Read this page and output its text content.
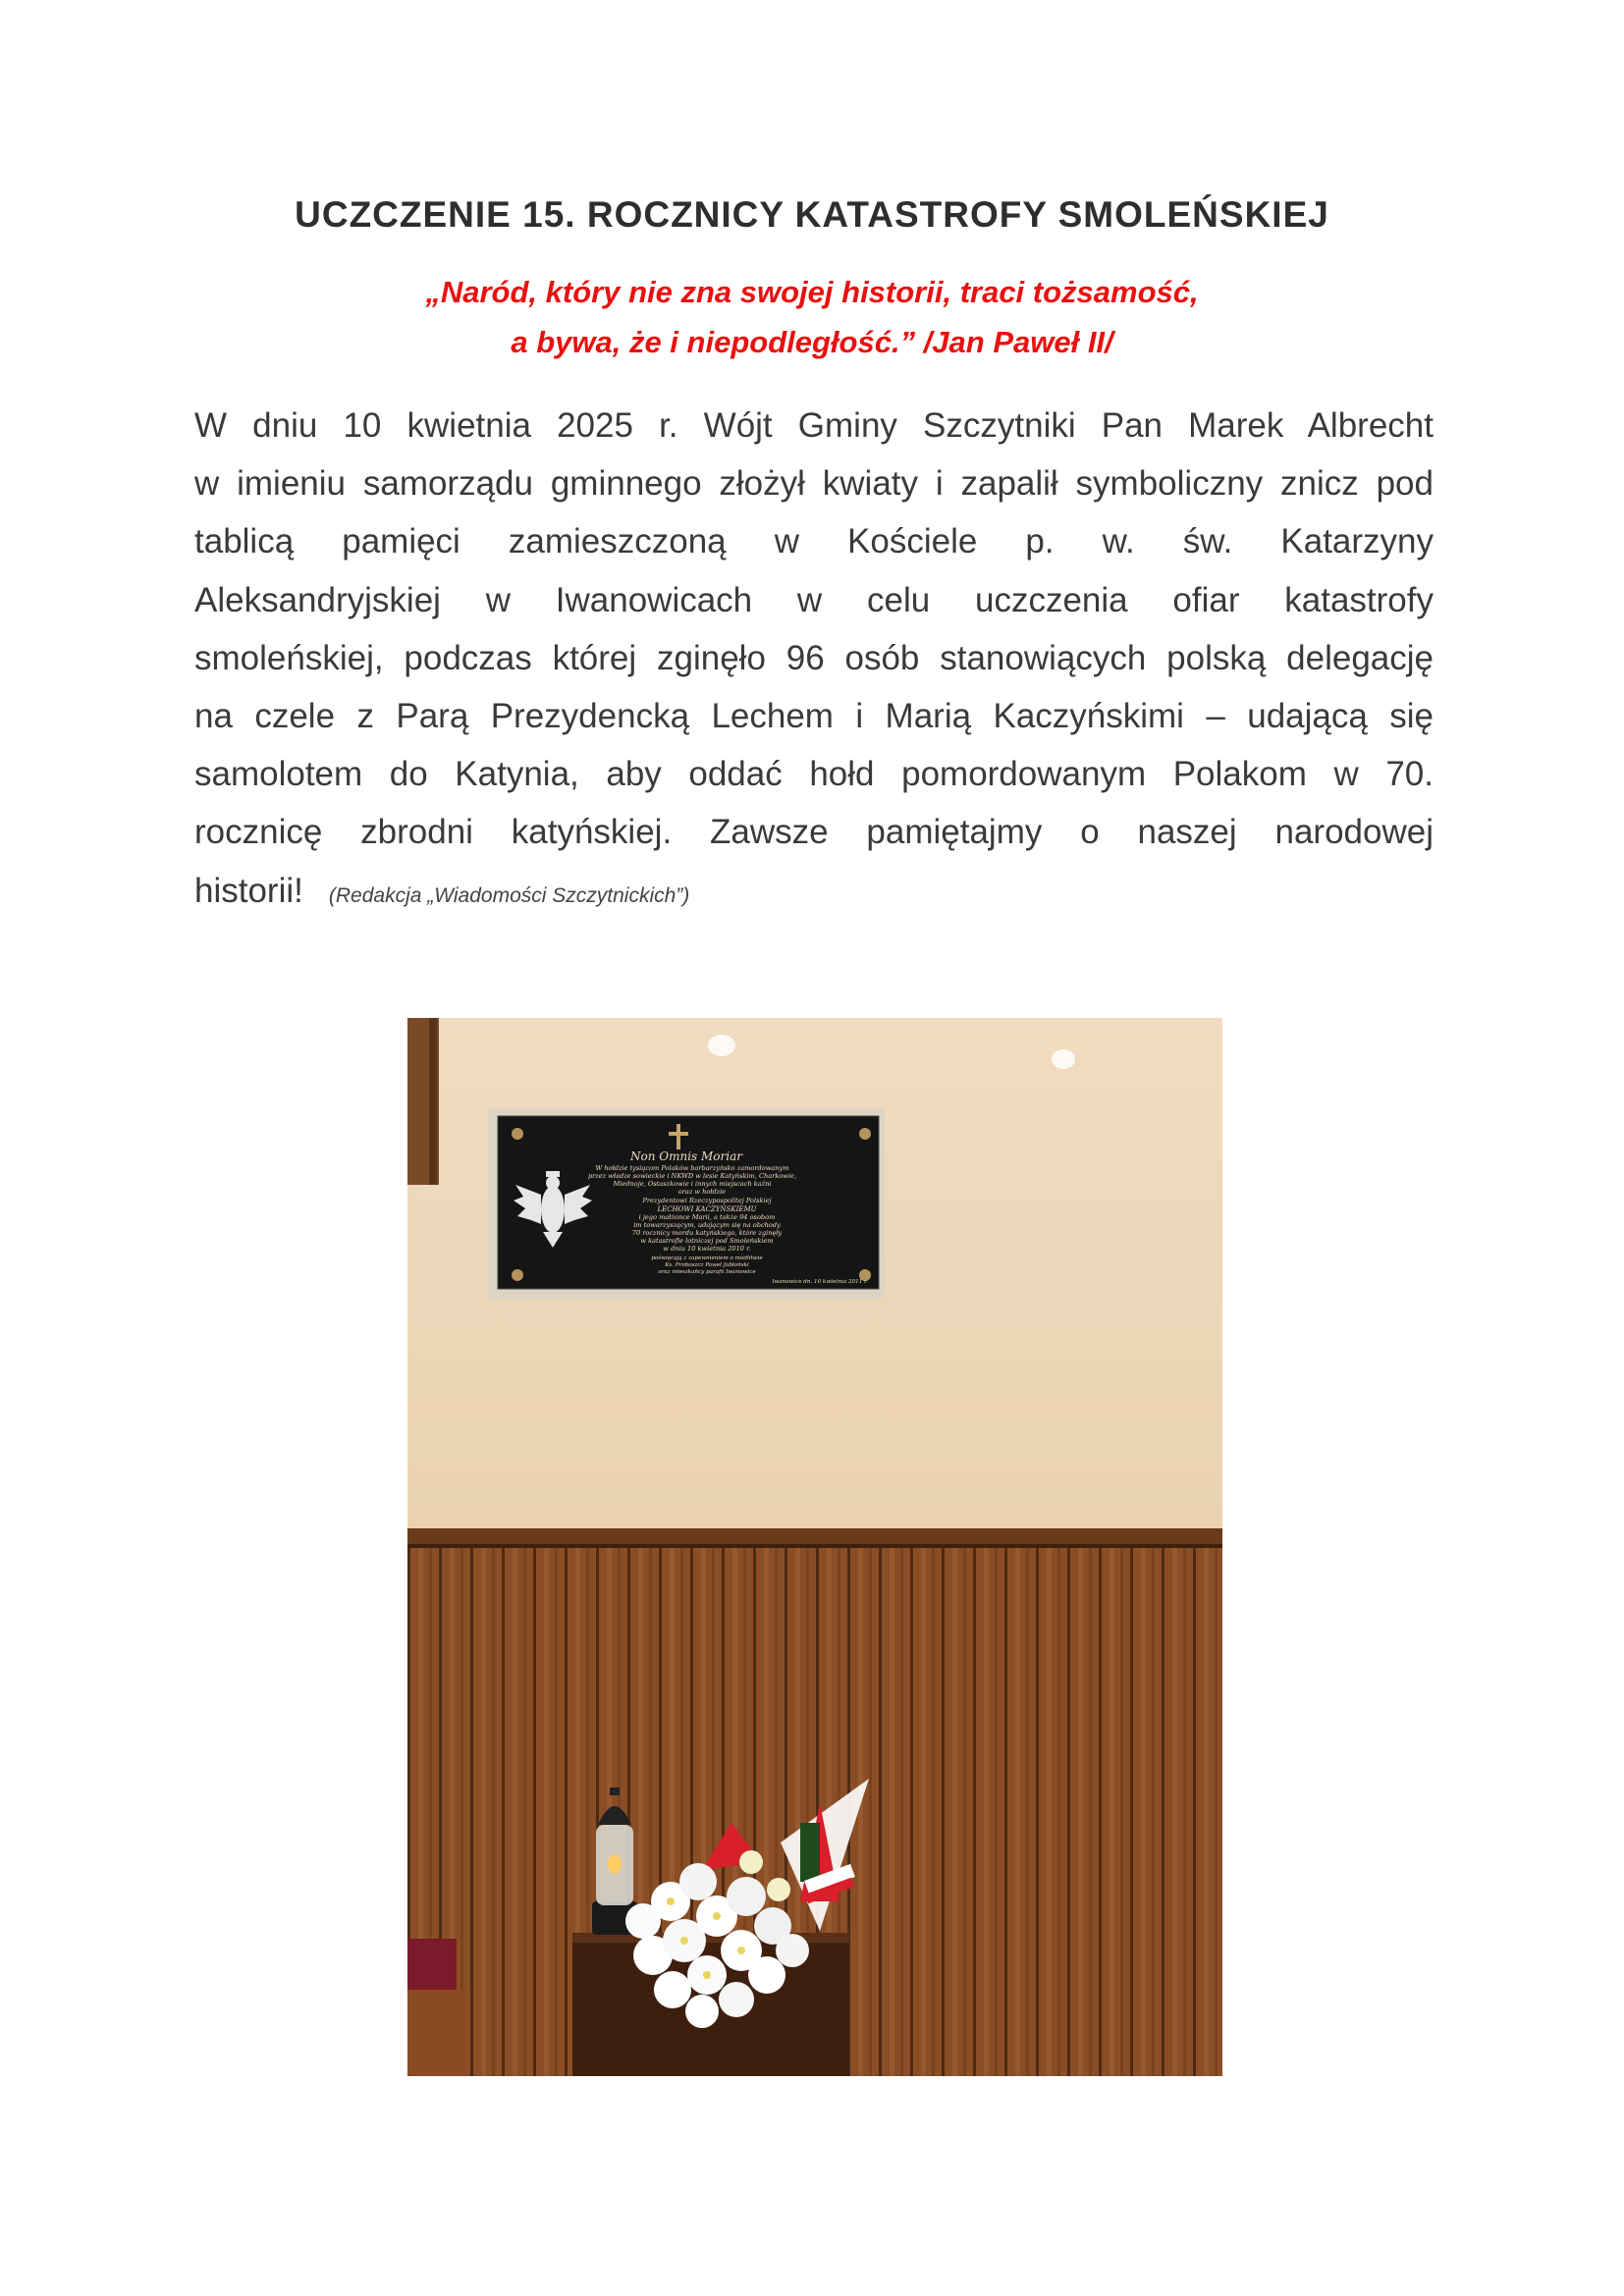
UCZCZENIE 15. ROCZNICY KATASTROFY SMOLEŃSKIEJ

„Naród, który nie zna swojej historii, traci tożsamość,
a bywa, że i niepodległość.” /Jan Paweł II/

W dniu 10 kwietnia 2025 r. Wójt Gminy Szczytniki Pan Marek Albrecht
w imieniu samorządu gminnego złożył kwiaty i zapalił symboliczny znicz pod
tablicą pamięci zamieszczoną w Kościele p. w. św. Katarzyny
Aleksandryjskiej w Iwanowicach w celu uczczenia ofiar katastrofy
smoleńskiej, podczas której zginęło 96 osób stanowiących polską delegację
na czele z Parą Prezydencką Lechem i Marią Kaczyńskimi – udającą się
samolotem do Katynia, aby oddać hołd pomordowanym Polakom w 70.
rocznicę zbrodni katyńskiej. Zawsze pamiętajmy o naszej narodowej
historii! (Redakcja „Wiadomości Szczytnickich”)
Non Omnis Moriar
W hołdzie tysiącom Polaków barbarzyńsko zamordowanym
przez władze sowieckie i NKWD w lesie Katyńskim, Charkowie,
Miednoje, Ostaszkowie i innych miejscach kaźni
oraz w hołdzie
Prezydentowi Rzeczypospolitej Polskiej
LECHOWI KACZYŃSKIEMU
i jego małżonce Marii, a także 94 osobom
im towarzyszącym, udającym się na obchody
70 rocznicy mordu katyńskiego, które zginęły
w katastrofie lotniczej pod Smoleńskiem
w dniu 10 kwietnia 2010 r.
poświęcają z zapewnieniem o modlitwie
Ks. Proboszcz Paweł Jabłoński
oraz mieszkańcy parafii Iwanowice
Iwanowice dn. 10 kwietnia 2011 r.
